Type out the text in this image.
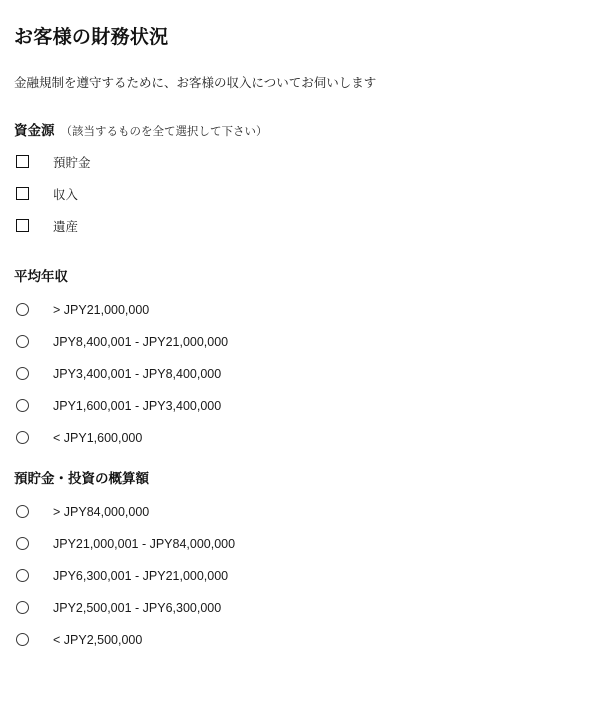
お客様の財務状況

金融規制を遵守するために、お客様の収入についてお伺いします

資金源 （該当するものを全て選択して下さい）
預貯金
収入
遺産
平均年収
> JPY21,000,000
JPY8,400,001 - JPY21,000,000
JPY3,400,001 - JPY8,400,000
JPY1,600,001 - JPY3,400,000
< JPY1,600,000
預貯金・投資の概算額
> JPY84,000,000
JPY21,000,001 - JPY84,000,000
JPY6,300,001 - JPY21,000,000
JPY2,500,001 - JPY6,300,000
< JPY2,500,000
